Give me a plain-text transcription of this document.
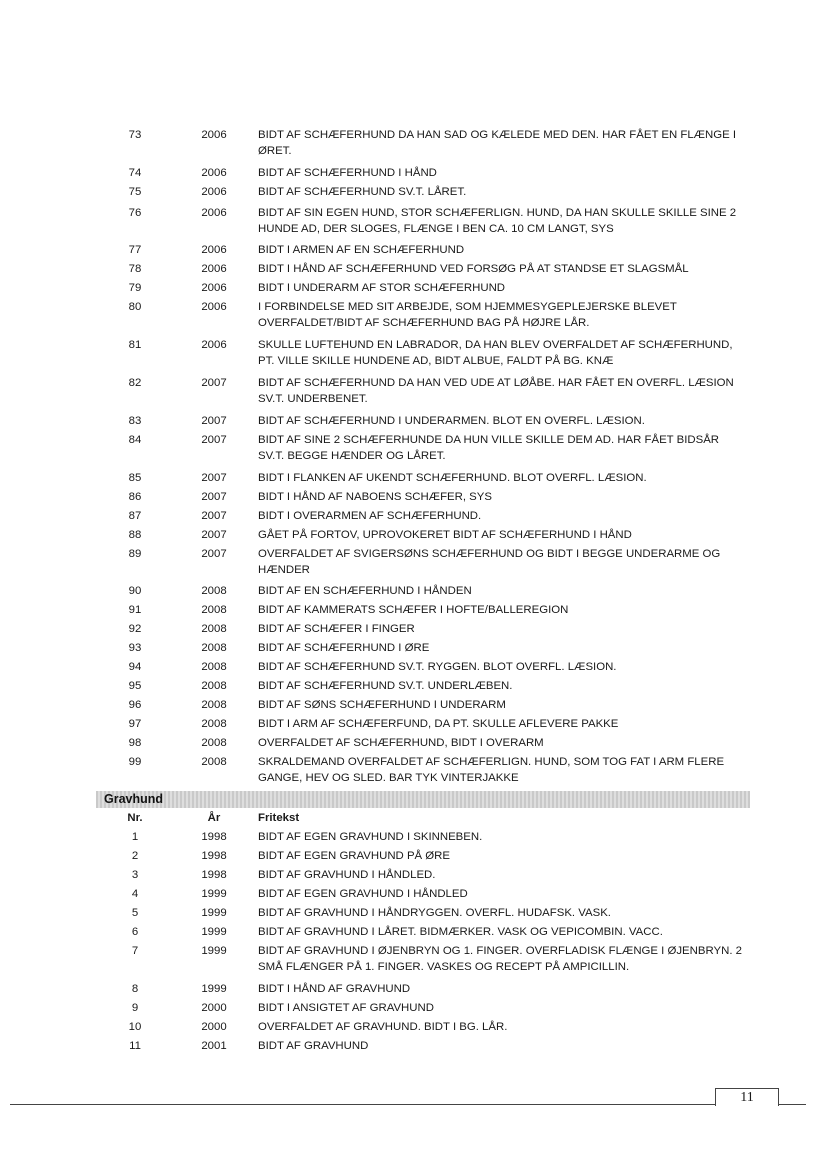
73	2006	BIDT AF SCHÆFERHUND DA HAN SAD OG KÆLEDE MED DEN. HAR FÅET EN FLÆNGE I ØRET.
74	2006	BIDT AF SCHÆFERHUND I HÅND
75	2006	BIDT AF SCHÆFERHUND SV.T. LÅRET.
76	2006	BIDT AF SIN EGEN HUND, STOR SCHÆFERLIGN. HUND, DA HAN SKULLE SKILLE SINE 2 HUNDE AD, DER SLOGES, FLÆNGE I BEN CA. 10 CM LANGT, SYS
77	2006	BIDT I ARMEN AF EN SCHÆFERHUND
78	2006	BIDT I HÅND AF SCHÆFERHUND VED FORSØG PÅ AT STANDSE ET SLAGSMÅL
79	2006	BIDT I UNDERARM AF STOR SCHÆFERHUND
80	2006	I FORBINDELSE MED SIT ARBEJDE, SOM HJEMMESYGEPLEJERSKE BLEVET OVERFALDET/BIDT AF SCHÆFERHUND BAG PÅ HØJRE LÅR.
81	2006	SKULLE LUFTEHUND EN LABRADOR, DA HAN BLEV OVERFALDET AF SCHÆFERHUND, PT. VILLE SKILLE HUNDENE AD, BIDT ALBUE, FALDT PÅ BG. KNÆ
82	2007	BIDT AF SCHÆFERHUND DA HAN VED UDE AT LØÅBE. HAR FÅET EN OVERFL. LÆSION SV.T. UNDERBENET.
83	2007	BIDT AF SCHÆFERHUND I UNDERARMEN. BLOT EN OVERFL. LÆSION.
84	2007	BIDT AF SINE 2 SCHÆFERHUNDE DA HUN VILLE SKILLE DEM AD. HAR FÅET BIDSÅR SV.T. BEGGE HÆNDER OG LÅRET.
85	2007	BIDT I FLANKEN AF UKENDT SCHÆFERHUND. BLOT OVERFL. LÆSION.
86	2007	BIDT I HÅND AF NABOENS SCHÆFER, SYS
87	2007	BIDT I OVERARMEN AF SCHÆFERHUND.
88	2007	GÅET PÅ FORTOV, UPROVOKERET BIDT AF SCHÆFERHUND I HÅND
89	2007	OVERFALDET AF SVIGERSØNS SCHÆFERHUND OG BIDT I BEGGE UNDERARME OG HÆNDER
90	2008	BIDT AF EN SCHÆFERHUND I HÅNDEN
91	2008	BIDT AF KAMMERATS SCHÆFER I HOFTE/BALLEREGION
92	2008	BIDT AF SCHÆFER I FINGER
93	2008	BIDT AF SCHÆFERHUND I ØRE
94	2008	BIDT AF SCHÆFERHUND SV.T. RYGGEN. BLOT OVERFL. LÆSION.
95	2008	BIDT AF SCHÆFERHUND SV.T. UNDERLÆBEN.
96	2008	BIDT AF SØNS SCHÆFERHUND I UNDERARM
97	2008	BIDT I ARM AF SCHÆFERFUND, DA PT. SKULLE AFLEVERE PAKKE
98	2008	OVERFALDET AF SCHÆFERHUND, BIDT I OVERARM
99	2008	SKRALDEMAND OVERFALDET AF SCHÆFERLIGN. HUND, SOM TOG FAT I ARM FLERE GANGE, HEV OG SLED. BAR TYK VINTERJAKKE
1	1998	BIDT AF EGEN GRAVHUND I SKINNEBEN.
2	1998	BIDT AF EGEN GRAVHUND PÅ ØRE
3	1998	BIDT AF GRAVHUND I HÅNDLED.
4	1999	BIDT AF EGEN GRAVHUND I HÅNDLED
5	1999	BIDT AF GRAVHUND I HÅNDRYGGEN. OVERFL. HUDAFSK. VASK.
6	1999	BIDT AF GRAVHUND I LÅRET. BIDMÆRKER. VASK OG VEPICOMBIN. VACC.
7	1999	BIDT AF GRAVHUND I ØJENBRYN OG 1. FINGER. OVERFLADISK FLÆNGE I ØJENBRYN. 2 SMÅ FLÆNGER PÅ 1. FINGER. VASKES OG RECEPT PÅ AMPICILLIN.
8	1999	BIDT I HÅND AF GRAVHUND
9	2000	BIDT I ANSIGTET AF GRAVHUND
10	2000	OVERFALDET AF GRAVHUND. BIDT I BG. LÅR.
11	2001	BIDT AF GRAVHUND
Gravhund
Nr.	År	Fritekst
11
